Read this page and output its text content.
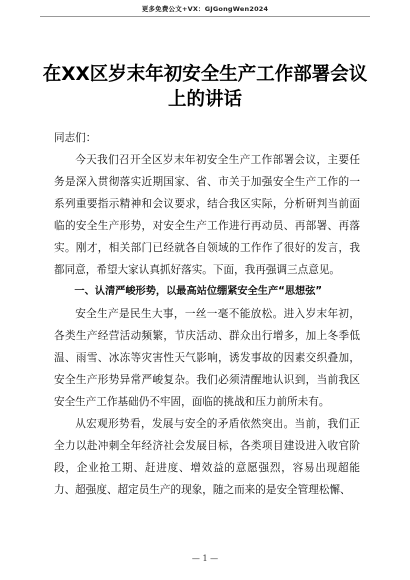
更多免费公文+VX：GJGongWen2024
在XX区岁末年初安全生产工作部署会议上的讲话

同志们：

今天我们召开全区岁末年初安全生产工作部署会议，主要任务是深入贯彻落实近期国家、省、市关于加强安全生产工作的一系列重要指示精神和会议要求，结合我区实际，分析研判当前面临的安全生产形势，对安全生产工作进行再动员、再部署、再落实。刚才，相关部门已经就各自领域的工作作了很好的发言，我都同意，希望大家认真抓好落实。下面，我再强调三点意见。

一、认清严峻形势，以最高站位绷紧安全生产“思想弦”

安全生产是民生大事，一丝一毫不能放松。进入岁末年初，各类生产经营活动频繁，节庆活动、群众出行增多，加上冬季低温、雨雪、冰冻等灾害性天气影响，诱发事故的因素交织叠加，安全生产形势异常严峻复杂。我们必须清醒地认识到，当前我区安全生产工作基础仍不牢固，面临的挑战和压力前所未有。

从宏观形势看，发展与安全的矛盾依然突出。当前，我们正全力以赴冲刺全年经济社会发展目标，各类项目建设进入收官阶段，企业抢工期、赶进度、增效益的意愿强烈，容易出现超能力、超强度、超定员生产的现象，随之而来的是安全管理松懈、

— 1 —
